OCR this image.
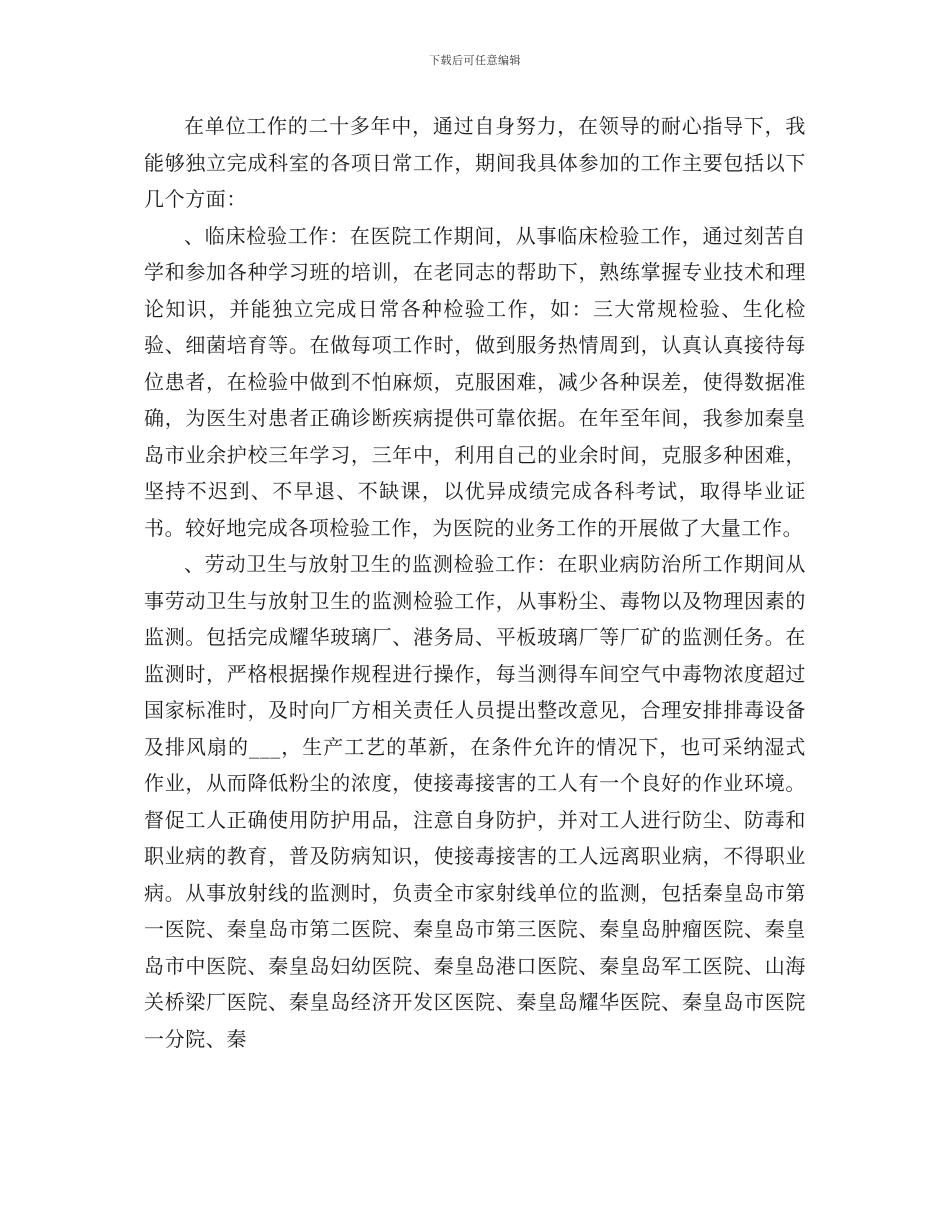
下载后可任意编辑

在单位工作的二十多年中，通过自身努力，在领导的耐心指导下，我能够独立完成科室的各项日常工作，期间我具体参加的工作主要包括以下几个方面：

、临床检验工作：在医院工作期间，从事临床检验工作，通过刻苦自学和参加各种学习班的培训，在老同志的帮助下，熟练掌握专业技术和理论知识，并能独立完成日常各种检验工作，如：三大常规检验、生化检验、细菌培育等。在做每项工作时，做到服务热情周到，认真认真接待每位患者，在检验中做到不怕麻烦，克服困难，减少各种误差，使得数据准确，为医生对患者正确诊断疾病提供可靠依据。在年至年间，我参加秦皇岛市业余护校三年学习，三年中，利用自己的业余时间，克服多种困难，坚持不迟到、不早退、不缺课，以优异成绩完成各科考试，取得毕业证书。较好地完成各项检验工作，为医院的业务工作的开展做了大量工作。

、劳动卫生与放射卫生的监测检验工作：在职业病防治所工作期间从事劳动卫生与放射卫生的监测检验工作，从事粉尘、毒物以及物理因素的监测。包括完成耀华玻璃厂、港务局、平板玻璃厂等厂矿的监测任务。在监测时，严格根据操作规程进行操作，每当测得车间空气中毒物浓度超过国家标准时，及时向厂方相关责任人员提出整改意见，合理安排排毒设备及排风扇的___，生产工艺的革新，在条件允许的情况下，也可采纳湿式作业，从而降低粉尘的浓度，使接毒接害的工人有一个良好的作业环境。督促工人正确使用防护用品，注意自身防护，并对工人进行防尘、防毒和职业病的教育，普及防病知识，使接毒接害的工人远离职业病，不得职业病。从事放射线的监测时，负责全市家射线单位的监测，包括秦皇岛市第一医院、秦皇岛市第二医院、秦皇岛市第三医院、秦皇岛肿瘤医院、秦皇岛市中医院、秦皇岛妇幼医院、秦皇岛港口医院、秦皇岛军工医院、山海关桥梁厂医院、秦皇岛经济开发区医院、秦皇岛耀华医院、秦皇岛市医院一分院、秦
